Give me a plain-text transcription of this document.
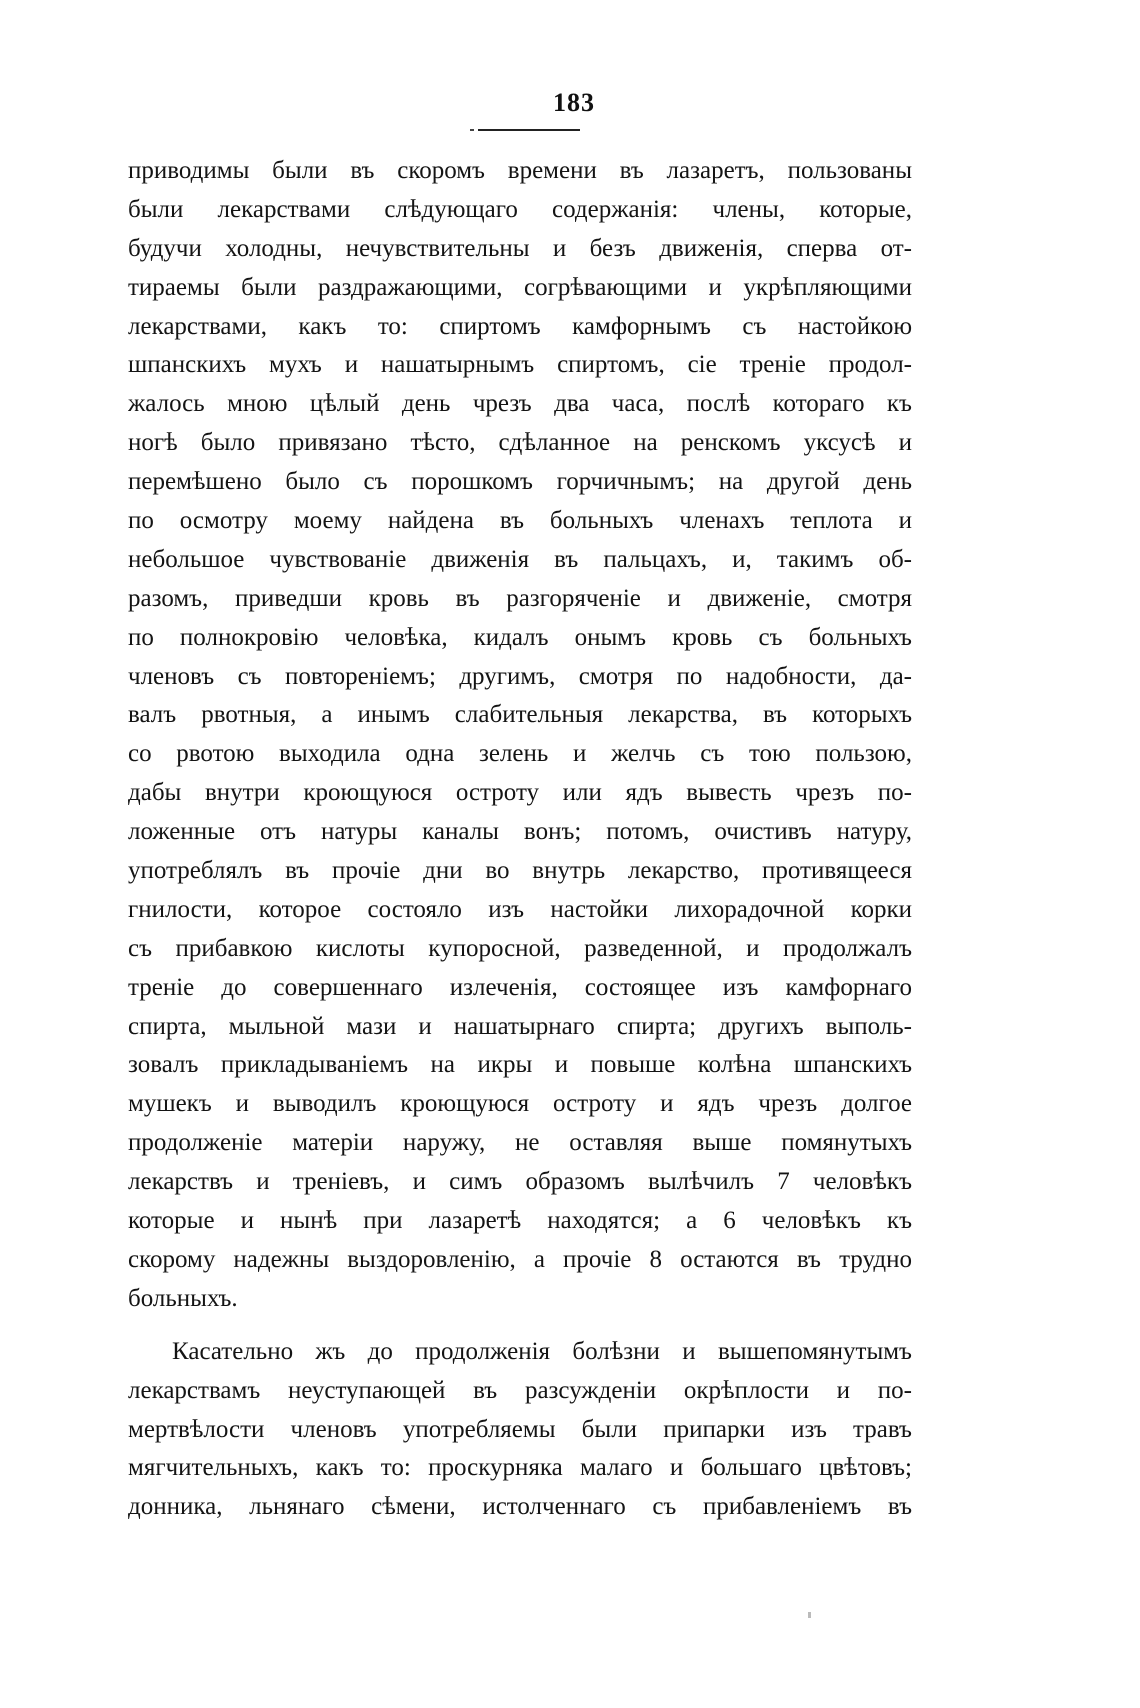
183
приводимы были въ скоромъ времени въ лазаретъ, пользованы
были лекарствами слѣдующаго содержанія: члены, которые,
будучи холодны, нечувствительны и безъ движенія, сперва от-
тираемы были раздражающими, согрѣвающими и укрѣпляющими
лекарствами, какъ то: спиртомъ камфорнымъ съ настойкою
шпанскихъ мухъ и нашатырнымъ спиртомъ, сіе треніе продол-
жалось мною цѣлый день чрезъ два часа, послѣ котораго къ
ногѣ было привязано тѣсто, сдѣланное на ренскомъ уксусѣ и
перемѣшено было съ порошкомъ горчичнымъ; на другой день
по осмотру моему найдена въ больныхъ членахъ теплота и
небольшое чувствованіе движенія въ пальцахъ, и, такимъ об-
разомъ, приведши кровь въ разгоряченіе и движеніе, смотря
по полнокровію человѣка, кидалъ онымъ кровь съ больныхъ
членовъ съ повтореніемъ; другимъ, смотря по надобности, да-
валъ рвотныя, а инымъ слабительныя лекарства, въ которыхъ
со рвотою выходила одна зелень и желчь съ тою пользою,
дабы внутри кроющуюся остроту или ядъ вывесть чрезъ по-
ложенные отъ натуры каналы вонъ; потомъ, очистивъ натуру,
употреблялъ въ прочіе дни во внутрь лекарство, противящееся
гнилости, которое состояло изъ настойки лихорадочной корки
съ прибавкою кислоты купоросной, разведенной, и продолжалъ
треніе до совершеннаго излеченія, состоящее изъ камфорнаго
спирта, мыльной мази и нашатырнаго спирта; другихъ выполь-
зовалъ прикладываніемъ на икры и повыше колѣна шпанскихъ
мушекъ и выводилъ кроющуюся остроту и ядъ чрезъ долгое
продолженіе матеріи наружу, не оставляя выше помянутыхъ
лекарствъ и треніевъ, и симъ образомъ вылѣчилъ 7 человѣкъ
которые и нынѣ при лазаретѣ находятся; а 6 человѣкъ къ
скорому надежны выздоровленію, а прочіе 8 остаются въ трудно
больныхъ.
Касательно жъ до продолженія болѣзни и вышепомянутымъ
лекарствамъ неуступающей въ разсужденіи окрѣплости и по-
мертвѣлости членовъ употребляемы были припарки изъ травъ
мягчительныхъ, какъ то: проскурняка малаго и большаго цвѣтовъ;
донника, льнянаго сѣмени, истолченнаго съ прибавленіемъ въ
